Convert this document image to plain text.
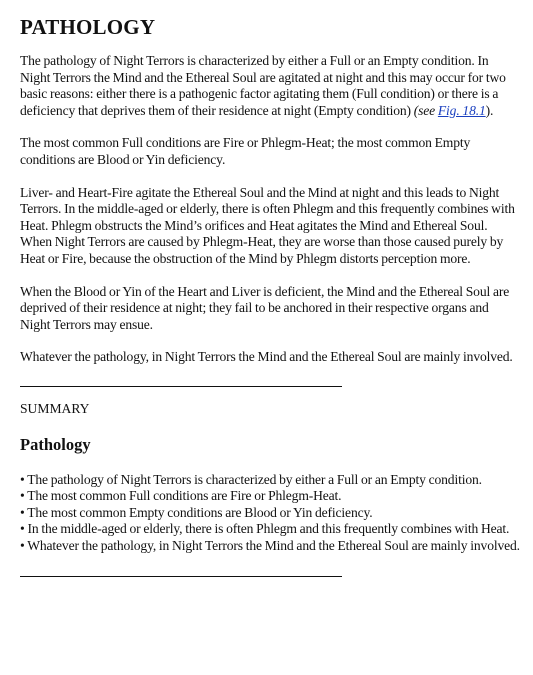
PATHOLOGY

The pathology of Night Terrors is characterized by either a Full or an Empty condition. In Night Terrors the Mind and the Ethereal Soul are agitated at night and this may occur for two basic reasons: either there is a pathogenic factor agitating them (Full condition) or there is a deficiency that deprives them of their residence at night (Empty condition) (see Fig. 18.1).

The most common Full conditions are Fire or Phlegm-Heat; the most common Empty conditions are Blood or Yin deficiency.

Liver- and Heart-Fire agitate the Ethereal Soul and the Mind at night and this leads to Night Terrors. In the middle-aged or elderly, there is often Phlegm and this frequently combines with Heat. Phlegm obstructs the Mind’s orifices and Heat agitates the Mind and Ethereal Soul. When Night Terrors are caused by Phlegm-Heat, they are worse than those caused purely by Heat or Fire, because the obstruction of the Mind by Phlegm distorts perception more.

When the Blood or Yin of the Heart and Liver is deficient, the Mind and the Ethereal Soul are deprived of their residence at night; they fail to be anchored in their respective organs and Night Terrors may ensue.

Whatever the pathology, in Night Terrors the Mind and the Ethereal Soul are mainly involved.

SUMMARY
Pathology
• The pathology of Night Terrors is characterized by either a Full or an Empty condition.
• The most common Full conditions are Fire or Phlegm-Heat.
• The most common Empty conditions are Blood or Yin deficiency.
• In the middle-aged or elderly, there is often Phlegm and this frequently combines with Heat.
• Whatever the pathology, in Night Terrors the Mind and the Ethereal Soul are mainly involved.
